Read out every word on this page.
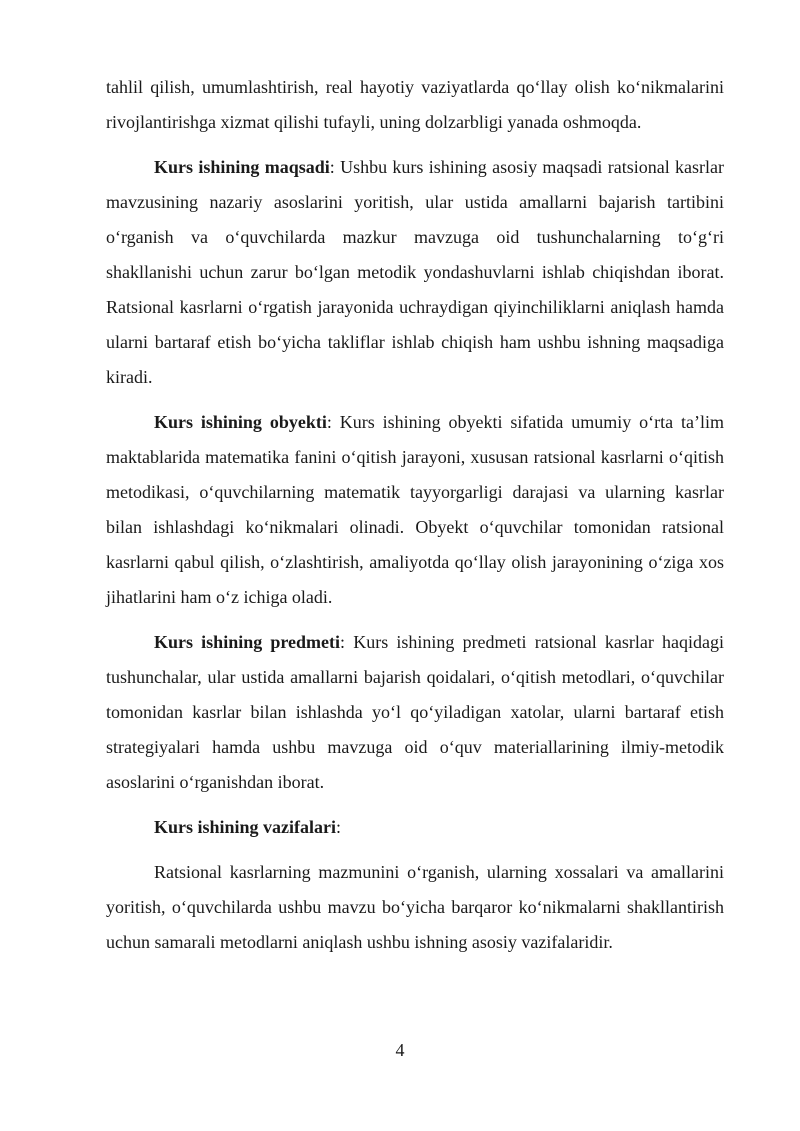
tahlil qilish, umumlashtirish, real hayotiy vaziyatlarda qo‘llay olish ko‘nikmalarini rivojlantirishga xizmat qilishi tufayli, uning dolzarbligi yanada oshmoqda.

Kurs ishining maqsadi: Ushbu kurs ishining asosiy maqsadi ratsional kasrlar mavzusining nazariy asoslarini yoritish, ular ustida amallarni bajarish tartibini o‘rganish va o‘quvchilarda mazkur mavzuga oid tushunchalarning to‘g‘ri shakllanishi uchun zarur bo‘lgan metodik yondashuvlarni ishlab chiqishdan iborat. Ratsional kasrlarni o‘rgatish jarayonida uchraydigan qiyinchiliklarni aniqlash hamda ularni bartaraf etish bo‘yicha takliflar ishlab chiqish ham ushbu ishning maqsadiga kiradi.

Kurs ishining obyekti: Kurs ishining obyekti sifatida umumiy o‘rta ta’lim maktablarida matematika fanini o‘qitish jarayoni, xususan ratsional kasrlarni o‘qitish metodikasi, o‘quvchilarning matematik tayyorgarligi darajasi va ularning kasrlar bilan ishlashdagi ko‘nikmalari olinadi. Obyekt o‘quvchilar tomonidan ratsional kasrlarni qabul qilish, o‘zlashtirish, amaliyotda qo‘llay olish jarayonining o‘ziga xos jihatlarini ham o‘z ichiga oladi.

Kurs ishining predmeti: Kurs ishining predmeti ratsional kasrlar haqidagi tushunchalar, ular ustida amallarni bajarish qoidalari, o‘qitish metodlari, o‘quvchilar tomonidan kasrlar bilan ishlashda yo‘l qo‘yiladigan xatolar, ularni bartaraf etish strategiyalari hamda ushbu mavzuga oid o‘quv materiallarining ilmiy-metodik asoslarini o‘rganishdan iborat.

Kurs ishining vazifalari:

Ratsional kasrlarning mazmunini o‘rganish, ularning xossalari va amallarini yoritish, o‘quvchilarda ushbu mavzu bo‘yicha barqaror ko‘nikmalarni shakllantirish uchun samarali metodlarni aniqlash ushbu ishning asosiy vazifalaridir.

4
